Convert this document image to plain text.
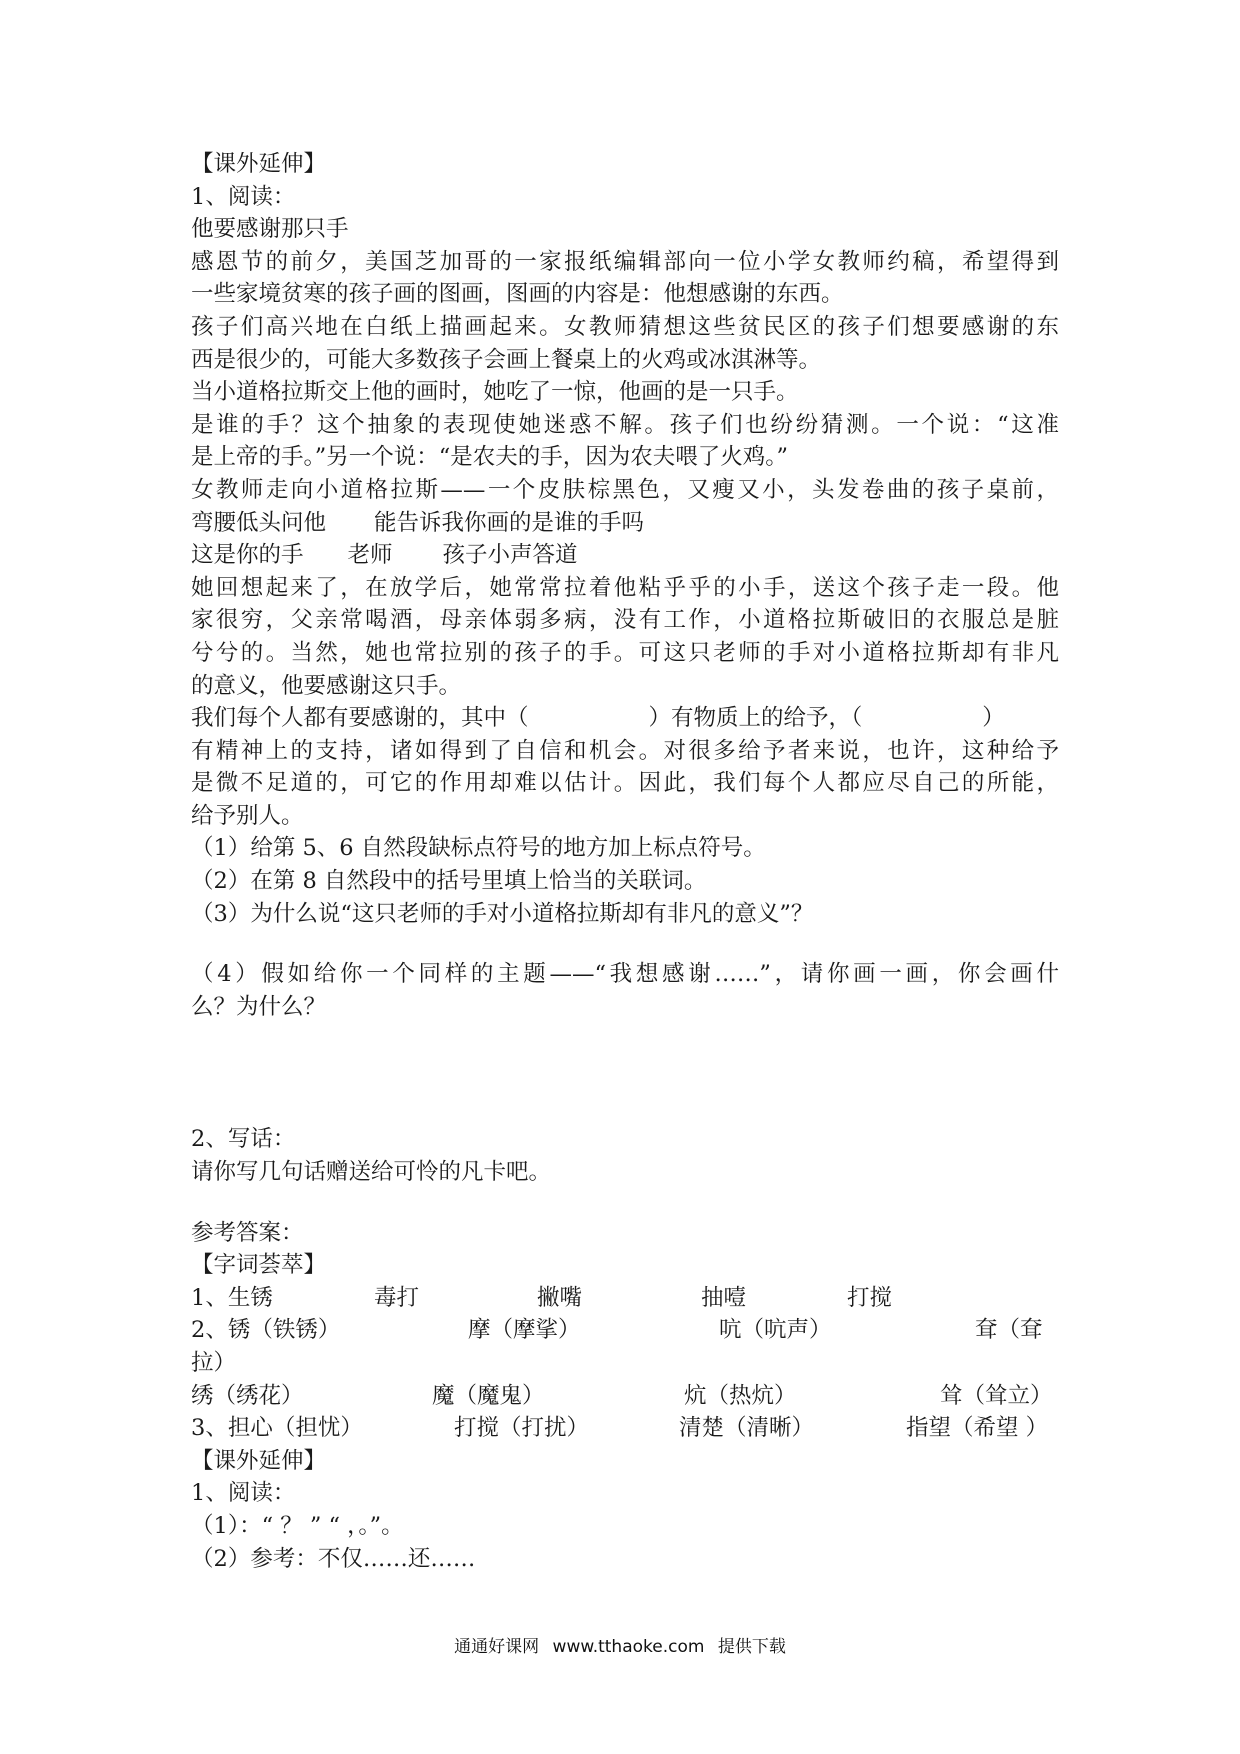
【课外延伸】
1、阅读：
他要感谢那只手
感恩节的前夕，美国芝加哥的一家报纸编辑部向一位小学女教师约稿，希望得到
一些家境贫寒的孩子画的图画，图画的内容是：他想感谢的东西。
孩子们高兴地在白纸上描画起来。女教师猜想这些贫民区的孩子们想要感谢的东
西是很少的，可能大多数孩子会画上餐桌上的火鸡或冰淇淋等。
当小道格拉斯交上他的画时，她吃了一惊，他画的是一只手。
是谁的手？这个抽象的表现使她迷惑不解。孩子们也纷纷猜测。一个说：“这准
是上帝的手。”另一个说：“是农夫的手，因为农夫喂了火鸡。”
女教师走向小道格拉斯——一个皮肤棕黑色，又瘦又小，头发卷曲的孩子桌前，
弯腰低头问他 能告诉我你画的是谁的手吗
这是你的手 老师 孩子小声答道
她回想起来了，在放学后，她常常拉着他粘乎乎的小手，送这个孩子走一段。他
家很穷，父亲常喝酒，母亲体弱多病，没有工作，小道格拉斯破旧的衣服总是脏
兮兮的。当然，她也常拉别的孩子的手。可这只老师的手对小道格拉斯却有非凡
的意义，他要感谢这只手。
我们每个人都有要感谢的，其中（	）有物质上的给予，（	）
有精神上的支持，诸如得到了自信和机会。对很多给予者来说，也许，这种给予
是微不足道的，可它的作用却难以估计。因此，我们每个人都应尽自己的所能，
给予别人。
（1）给第 5、6 自然段缺标点符号的地方加上标点符号。
（2）在第 8 自然段中的括号里填上恰当的关联词。
（3）为什么说“这只老师的手对小道格拉斯却有非凡的意义”？
（4）假如给你一个同样的主题——“我想感谢……”，请你画一画，你会画什
么？为什么？
2、写话：
请你写几句话赠送给可怜的凡卡吧。
参考答案：
【字词荟萃】
1、生锈	毒打	撇嘴	抽噎	打搅
2、锈（铁锈）	摩（摩挲）	吭（吭声）	耷（耷
拉）
绣（绣花）	魔（魔鬼）	炕（热炕）	耸（耸立）
3、担心（担忧）	打搅（打扰）	清楚（清晰）	指望（希望 ）
【课外延伸】
1、阅读：
（1）：“ ？ ” “ ，。”。
（2）参考：不仅……还……
通通好课网 www.tthaoke.com 提供下载
